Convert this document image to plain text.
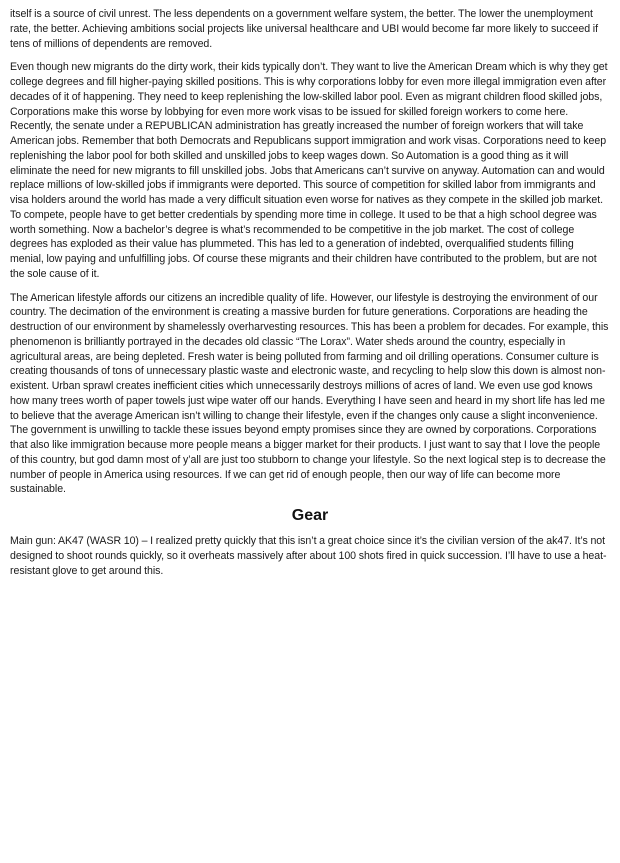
itself is a source of civil unrest. The less dependents on a government welfare system, the better. The lower the unemployment rate, the better. Achieving ambitions social projects like universal healthcare and UBI would become far more likely to succeed if tens of millions of dependents are removed.

Even though new migrants do the dirty work, their kids typically don’t. They want to live the American Dream which is why they get college degrees and fill higher-paying skilled positions. This is why corporations lobby for even more illegal immigration even after decades of it of happening. They need to keep replenishing the low-skilled labor pool. Even as migrant children flood skilled jobs, Corporations make this worse by lobbying for even more work visas to be issued for skilled foreign workers to come here. Recently, the senate under a REPUBLICAN administration has greatly increased the number of foreign workers that will take American jobs. Remember that both Democrats and Republicans support immigration and work visas. Corporations need to keep replenishing the labor pool for both skilled and unskilled jobs to keep wages down. So Automation is a good thing as it will eliminate the need for new migrants to fill unskilled jobs. Jobs that Americans can’t survive on anyway. Automation can and would replace millions of low-skilled jobs if immigrants were deported. This source of competition for skilled labor from immigrants and visa holders around the world has made a very difficult situation even worse for natives as they compete in the skilled job market. To compete, people have to get better credentials by spending more time in college. It used to be that a high school degree was worth something. Now a bachelor’s degree is what’s recommended to be competitive in the job market. The cost of college degrees has exploded as their value has plummeted. This has led to a generation of indebted, overqualified students filling menial, low paying and unfulfilling jobs. Of course these migrants and their children have contributed to the problem, but are not the sole cause of it.

The American lifestyle affords our citizens an incredible quality of life. However, our lifestyle is destroying the environment of our country. The decimation of the environment is creating a massive burden for future generations. Corporations are heading the destruction of our environment by shamelessly overharvesting resources. This has been a problem for decades. For example, this phenomenon is brilliantly portrayed in the decades old classic “The Lorax”. Water sheds around the country, especially in agricultural areas, are being depleted. Fresh water is being polluted from farming and oil drilling operations. Consumer culture is creating thousands of tons of unnecessary plastic waste and electronic waste, and recycling to help slow this down is almost non-existent. Urban sprawl creates inefficient cities which unnecessarily destroys millions of acres of land. We even use god knows how many trees worth of paper towels just wipe water off our hands. Everything I have seen and heard in my short life has led me to believe that the average American isn’t willing to change their lifestyle, even if the changes only cause a slight inconvenience. The government is unwilling to tackle these issues beyond empty promises since they are owned by corporations. Corporations that also like immigration because more people means a bigger market for their products. I just want to say that I love the people of this country, but god damn most of y’all are just too stubborn to change your lifestyle. So the next logical step is to decrease the number of people in America using resources. If we can get rid of enough people, then our way of life can become more sustainable.

Gear

Main gun: AK47 (WASR 10) – I realized pretty quickly that this isn’t a great choice since it’s the civilian version of the ak47. It’s not designed to shoot rounds quickly, so it overheats massively after about 100 shots fired in quick succession. I’ll have to use a heat-resistant glove to get around this.
